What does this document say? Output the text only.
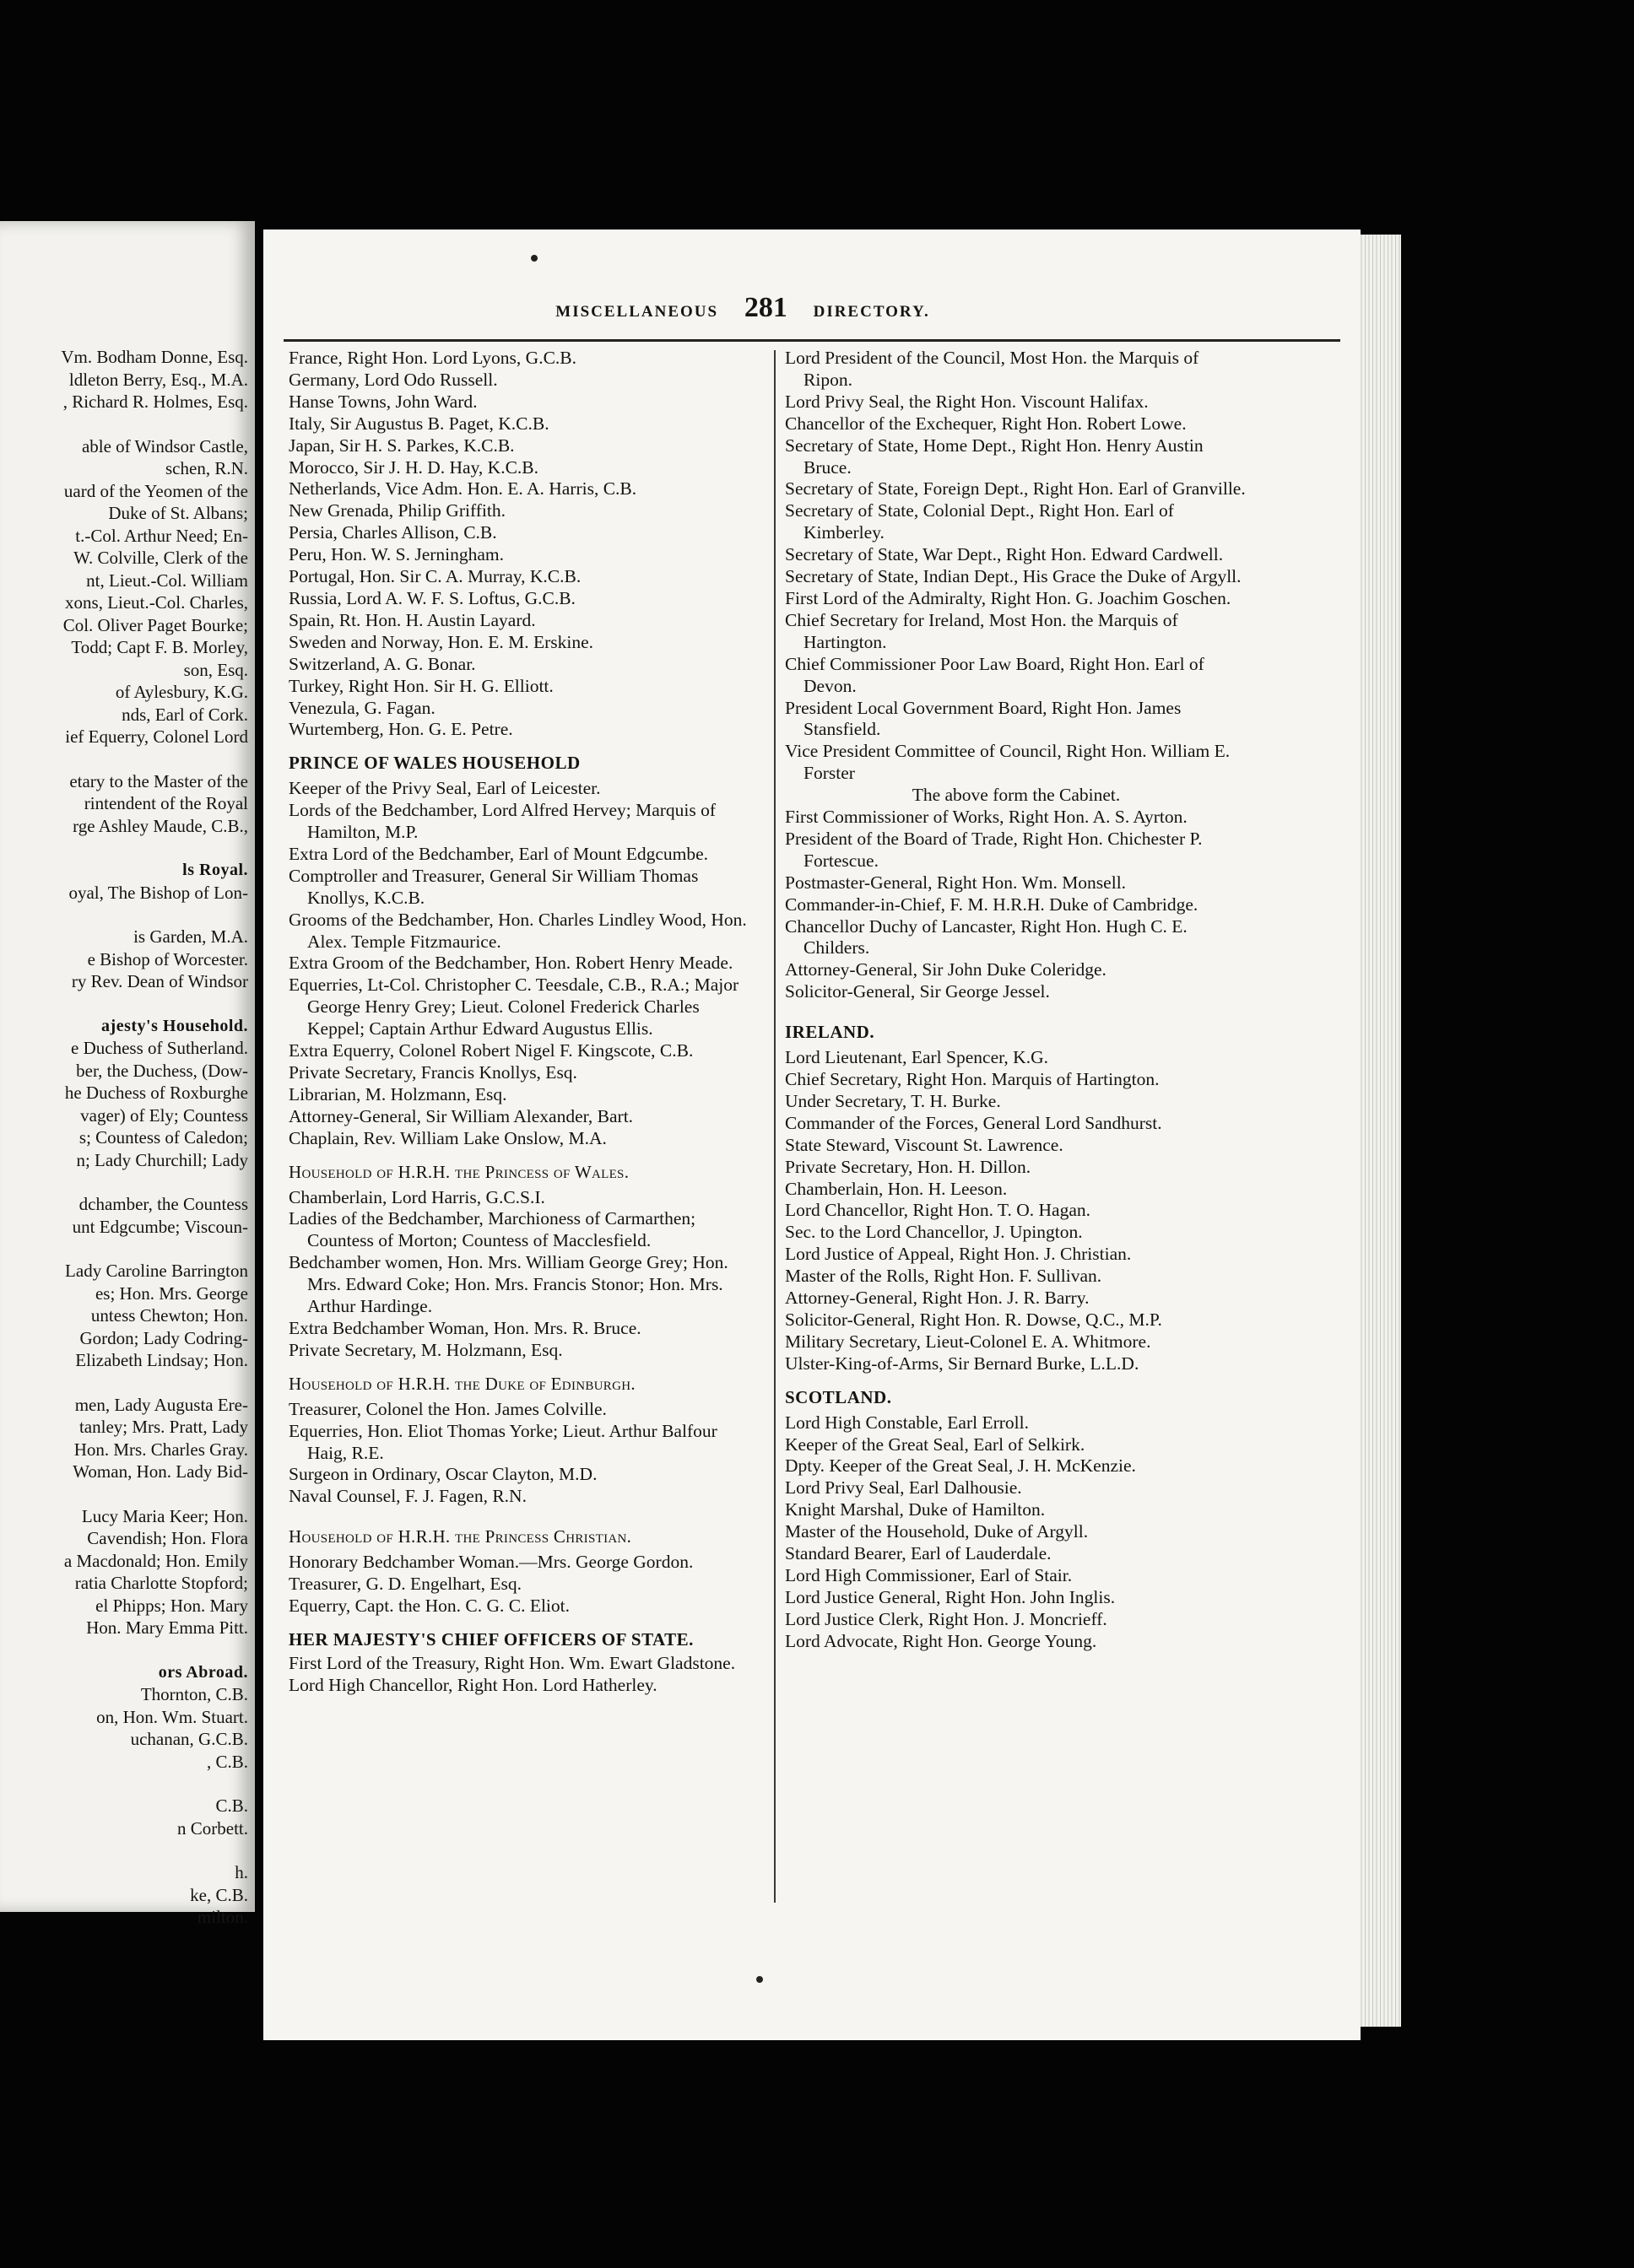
Vm. Bodham Donne, Esq.
ldleton Berry, Esq., M.A.
, Richard R. Holmes, Esq.
able of Windsor Castle,
schen, R.N.
uard of the Yeomen of the
Duke of St. Albans;
t.-Col. Arthur Need; En-
W. Colville, Clerk of the
nt, Lieut.-Col. William
xons, Lieut.-Col. Charles,
Col. Oliver Paget Bourke;
Todd; Capt F. B. Morley,
son, Esq.
of Aylesbury, K.G.
nds, Earl of Cork.
ief Equerry, Colonel Lord
etary to the Master of the
rintendent of the Royal
rge Ashley Maude, C.B.,
ls Royal.
oyal, The Bishop of Lon-
is Garden, M.A.
e Bishop of Worcester.
ry Rev. Dean of Windsor
ajesty's Household.
e Duchess of Sutherland.
ber, the Duchess, (Dow-
he Duchess of Roxburghe
vager) of Ely; Countess
s; Countess of Caledon;
n; Lady Churchill; Lady
dchamber, the Countess
unt Edgcumbe; Viscoun-
Lady Caroline Barrington
es; Hon. Mrs. George
untess Chewton; Hon.
Gordon; Lady Codring-
Elizabeth Lindsay; Hon.
men, Lady Augusta Ere-
tanley; Mrs. Pratt, Lady
Hon. Mrs. Charles Gray.
Woman, Hon. Lady Bid-
Lucy Maria Keer; Hon.
Cavendish; Hon. Flora
a Macdonald; Hon. Emily
ratia Charlotte Stopford;
el Phipps; Hon. Mary
Hon. Mary Emma Pitt.
ors Abroad.
Thornton, C.B.
on, Hon. Wm. Stuart.
uchanan, G.C.B.
, C.B.
C.B.
n Corbett.
h.
ke, C.B.
milton.
MISCELLANEOUS 281 DIRECTORY.
France, Right Hon. Lord Lyons, G.C.B.
Germany, Lord Odo Russell.
Hanse Towns, John Ward.
Italy, Sir Augustus B. Paget, K.C.B.
Japan, Sir H. S. Parkes, K.C.B.
Morocco, Sir J. H. D. Hay, K.C.B.
Netherlands, Vice Adm. Hon. E. A. Harris, C.B.
New Grenada, Philip Griffith.
Persia, Charles Allison, C.B.
Peru, Hon. W. S. Jerningham.
Portugal, Hon. Sir C. A. Murray, K.C.B.
Russia, Lord A. W. F. S. Loftus, G.C.B.
Spain, Rt. Hon. H. Austin Layard.
Sweden and Norway, Hon. E. M. Erskine.
Switzerland, A. G. Bonar.
Turkey, Right Hon. Sir H. G. Elliott.
Venezula, G. Fagan.
Wurtemberg, Hon. G. E. Petre.
PRINCE OF WALES HOUSEHOLD
Keeper of the Privy Seal, Earl of Leicester.
Lords of the Bedchamber, Lord Alfred Hervey; Marquis of Hamilton, M.P.
Extra Lord of the Bedchamber, Earl of Mount Edgcumbe.
Comptroller and Treasurer, General Sir William Thomas Knollys, K.C.B.
Grooms of the Bedchamber, Hon. Charles Lindley Wood, Hon. Alex. Temple Fitzmaurice.
Extra Groom of the Bedchamber, Hon. Robert Henry Meade.
Equerries, Lt-Col. Christopher C. Teesdale, C.B., R.A.; Major George Henry Grey; Lieut. Colonel Frederick Charles Keppel; Captain Arthur Edward Augustus Ellis.
Extra Equerry, Colonel Robert Nigel F. Kingscote, C.B.
Private Secretary, Francis Knollys, Esq.
Librarian, M. Holzmann, Esq.
Attorney-General, Sir William Alexander, Bart.
Chaplain, Rev. William Lake Onslow, M.A.
Household of H.R.H. the Princess of Wales.
Chamberlain, Lord Harris, G.C.S.I.
Ladies of the Bedchamber, Marchioness of Carmarthen; Countess of Morton; Countess of Macclesfield.
Bedchamber women, Hon. Mrs. William George Grey; Hon. Mrs. Edward Coke; Hon. Mrs. Francis Stonor; Hon. Mrs. Arthur Hardinge.
Extra Bedchamber Woman, Hon. Mrs. R. Bruce.
Private Secretary, M. Holzmann, Esq.
Household of H.R.H. the Duke of Edinburgh.
Treasurer, Colonel the Hon. James Colville.
Equerries, Hon. Eliot Thomas Yorke; Lieut. Arthur Balfour Haig, R.E.
Surgeon in Ordinary, Oscar Clayton, M.D.
Naval Counsel, F. J. Fagen, R.N.
Household of H.R.H. the Princess Christian.
Honorary Bedchamber Woman.—Mrs. George Gordon.
Treasurer, G. D. Engelhart, Esq.
Equerry, Capt. the Hon. C. G. C. Eliot.
HER MAJESTY'S CHIEF OFFICERS OF STATE.
First Lord of the Treasury, Right Hon. Wm. Ewart Gladstone.
Lord High Chancellor, Right Hon. Lord Hatherley.
Lord President of the Council, Most Hon. the Marquis of Ripon.
Lord Privy Seal, the Right Hon. Viscount Halifax.
Chancellor of the Exchequer, Right Hon. Robert Lowe.
Secretary of State, Home Dept., Right Hon. Henry Austin Bruce.
Secretary of State, Foreign Dept., Right Hon. Earl of Granville.
Secretary of State, Colonial Dept., Right Hon. Earl of Kimberley.
Secretary of State, War Dept., Right Hon. Edward Cardwell.
Secretary of State, Indian Dept., His Grace the Duke of Argyll.
First Lord of the Admiralty, Right Hon. G. Joachim Goschen.
Chief Secretary for Ireland, Most Hon. the Marquis of Hartington.
Chief Commissioner Poor Law Board, Right Hon. Earl of Devon.
President Local Government Board, Right Hon. James Stansfield.
Vice President Committee of Council, Right Hon. William E. Forster
The above form the Cabinet.
First Commissioner of Works, Right Hon. A. S. Ayrton.
President of the Board of Trade, Right Hon. Chichester P. Fortescue.
Postmaster-General, Right Hon. Wm. Monsell.
Commander-in-Chief, F. M. H.R.H. Duke of Cambridge.
Chancellor Duchy of Lancaster, Right Hon. Hugh C. E. Childers.
Attorney-General, Sir John Duke Coleridge.
Solicitor-General, Sir George Jessel.
IRELAND.
Lord Lieutenant, Earl Spencer, K.G.
Chief Secretary, Right Hon. Marquis of Hartington.
Under Secretary, T. H. Burke.
Commander of the Forces, General Lord Sandhurst.
State Steward, Viscount St. Lawrence.
Private Secretary, Hon. H. Dillon.
Chamberlain, Hon. H. Leeson.
Lord Chancellor, Right Hon. T. O. Hagan.
Sec. to the Lord Chancellor, J. Upington.
Lord Justice of Appeal, Right Hon. J. Christian.
Master of the Rolls, Right Hon. F. Sullivan.
Attorney-General, Right Hon. J. R. Barry.
Solicitor-General, Right Hon. R. Dowse, Q.C., M.P.
Military Secretary, Lieut-Colonel E. A. Whitmore.
Ulster-King-of-Arms, Sir Bernard Burke, L.L.D.
SCOTLAND.
Lord High Constable, Earl Erroll.
Keeper of the Great Seal, Earl of Selkirk.
Dpty. Keeper of the Great Seal, J. H. McKenzie.
Lord Privy Seal, Earl Dalhousie.
Knight Marshal, Duke of Hamilton.
Master of the Household, Duke of Argyll.
Standard Bearer, Earl of Lauderdale.
Lord High Commissioner, Earl of Stair.
Lord Justice General, Right Hon. John Inglis.
Lord Justice Clerk, Right Hon. J. Moncrieff.
Lord Advocate, Right Hon. George Young.
